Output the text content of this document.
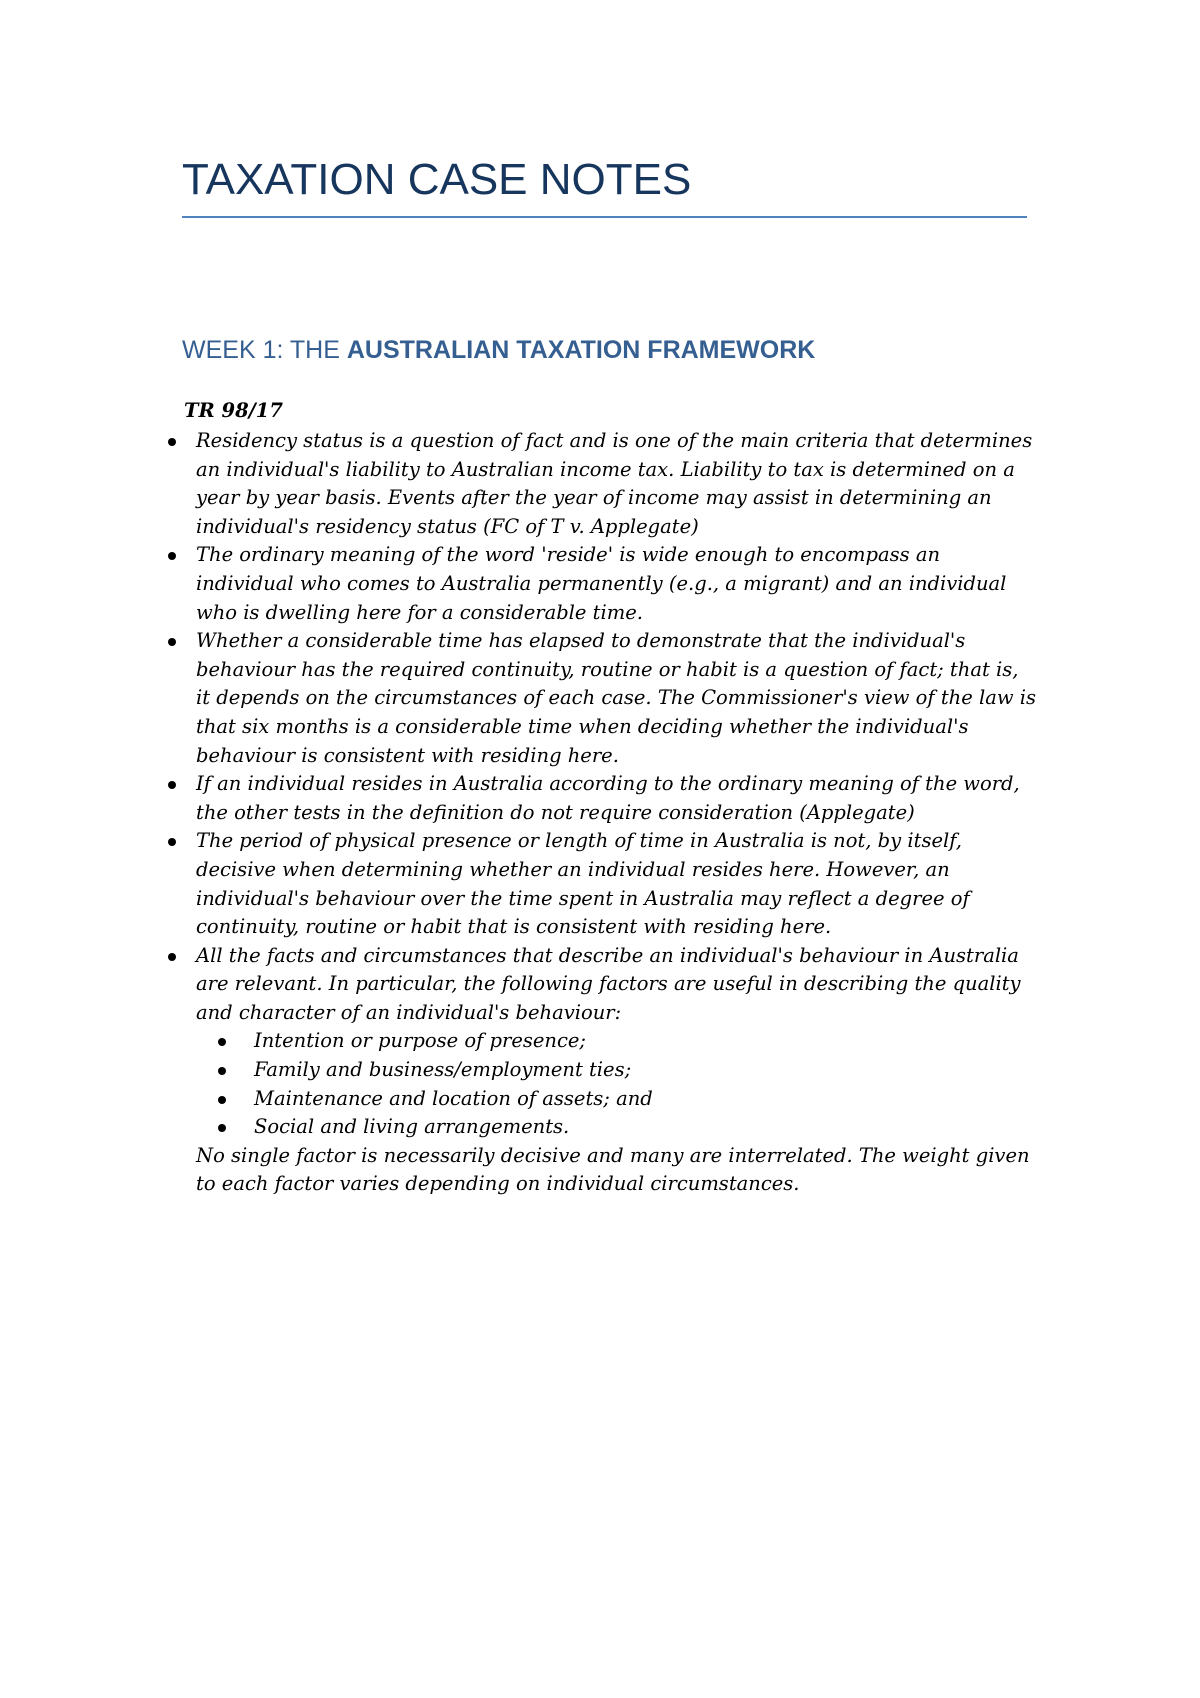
TAXATION CASE NOTES
WEEK 1: THE AUSTRALIAN TAXATION FRAMEWORK

TR 98/17

Residency status is a question of fact and is one of the main criteria that determines an individual's liability to Australian income tax. Liability to tax is determined on a year by year basis. Events after the year of income may assist in determining an individual's residency status (FC of T v. Applegate)
The ordinary meaning of the word 'reside' is wide enough to encompass an individual who comes to Australia permanently (e.g., a migrant) and an individual who is dwelling here for a considerable time.
Whether a considerable time has elapsed to demonstrate that the individual's behaviour has the required continuity, routine or habit is a question of fact; that is, it depends on the circumstances of each case. The Commissioner's view of the law is that six months is a considerable time when deciding whether the individual's behaviour is consistent with residing here.
If an individual resides in Australia according to the ordinary meaning of the word, the other tests in the definition do not require consideration (Applegate)
The period of physical presence or length of time in Australia is not, by itself, decisive when determining whether an individual resides here. However, an individual's behaviour over the time spent in Australia may reflect a degree of continuity, routine or habit that is consistent with residing here.
All the facts and circumstances that describe an individual's behaviour in Australia are relevant. In particular, the following factors are useful in describing the quality and character of an individual's behaviour:
Intention or purpose of presence;
Family and business/employment ties;
Maintenance and location of assets; and
Social and living arrangements.
No single factor is necessarily decisive and many are interrelated. The weight given to each factor varies depending on individual circumstances.
